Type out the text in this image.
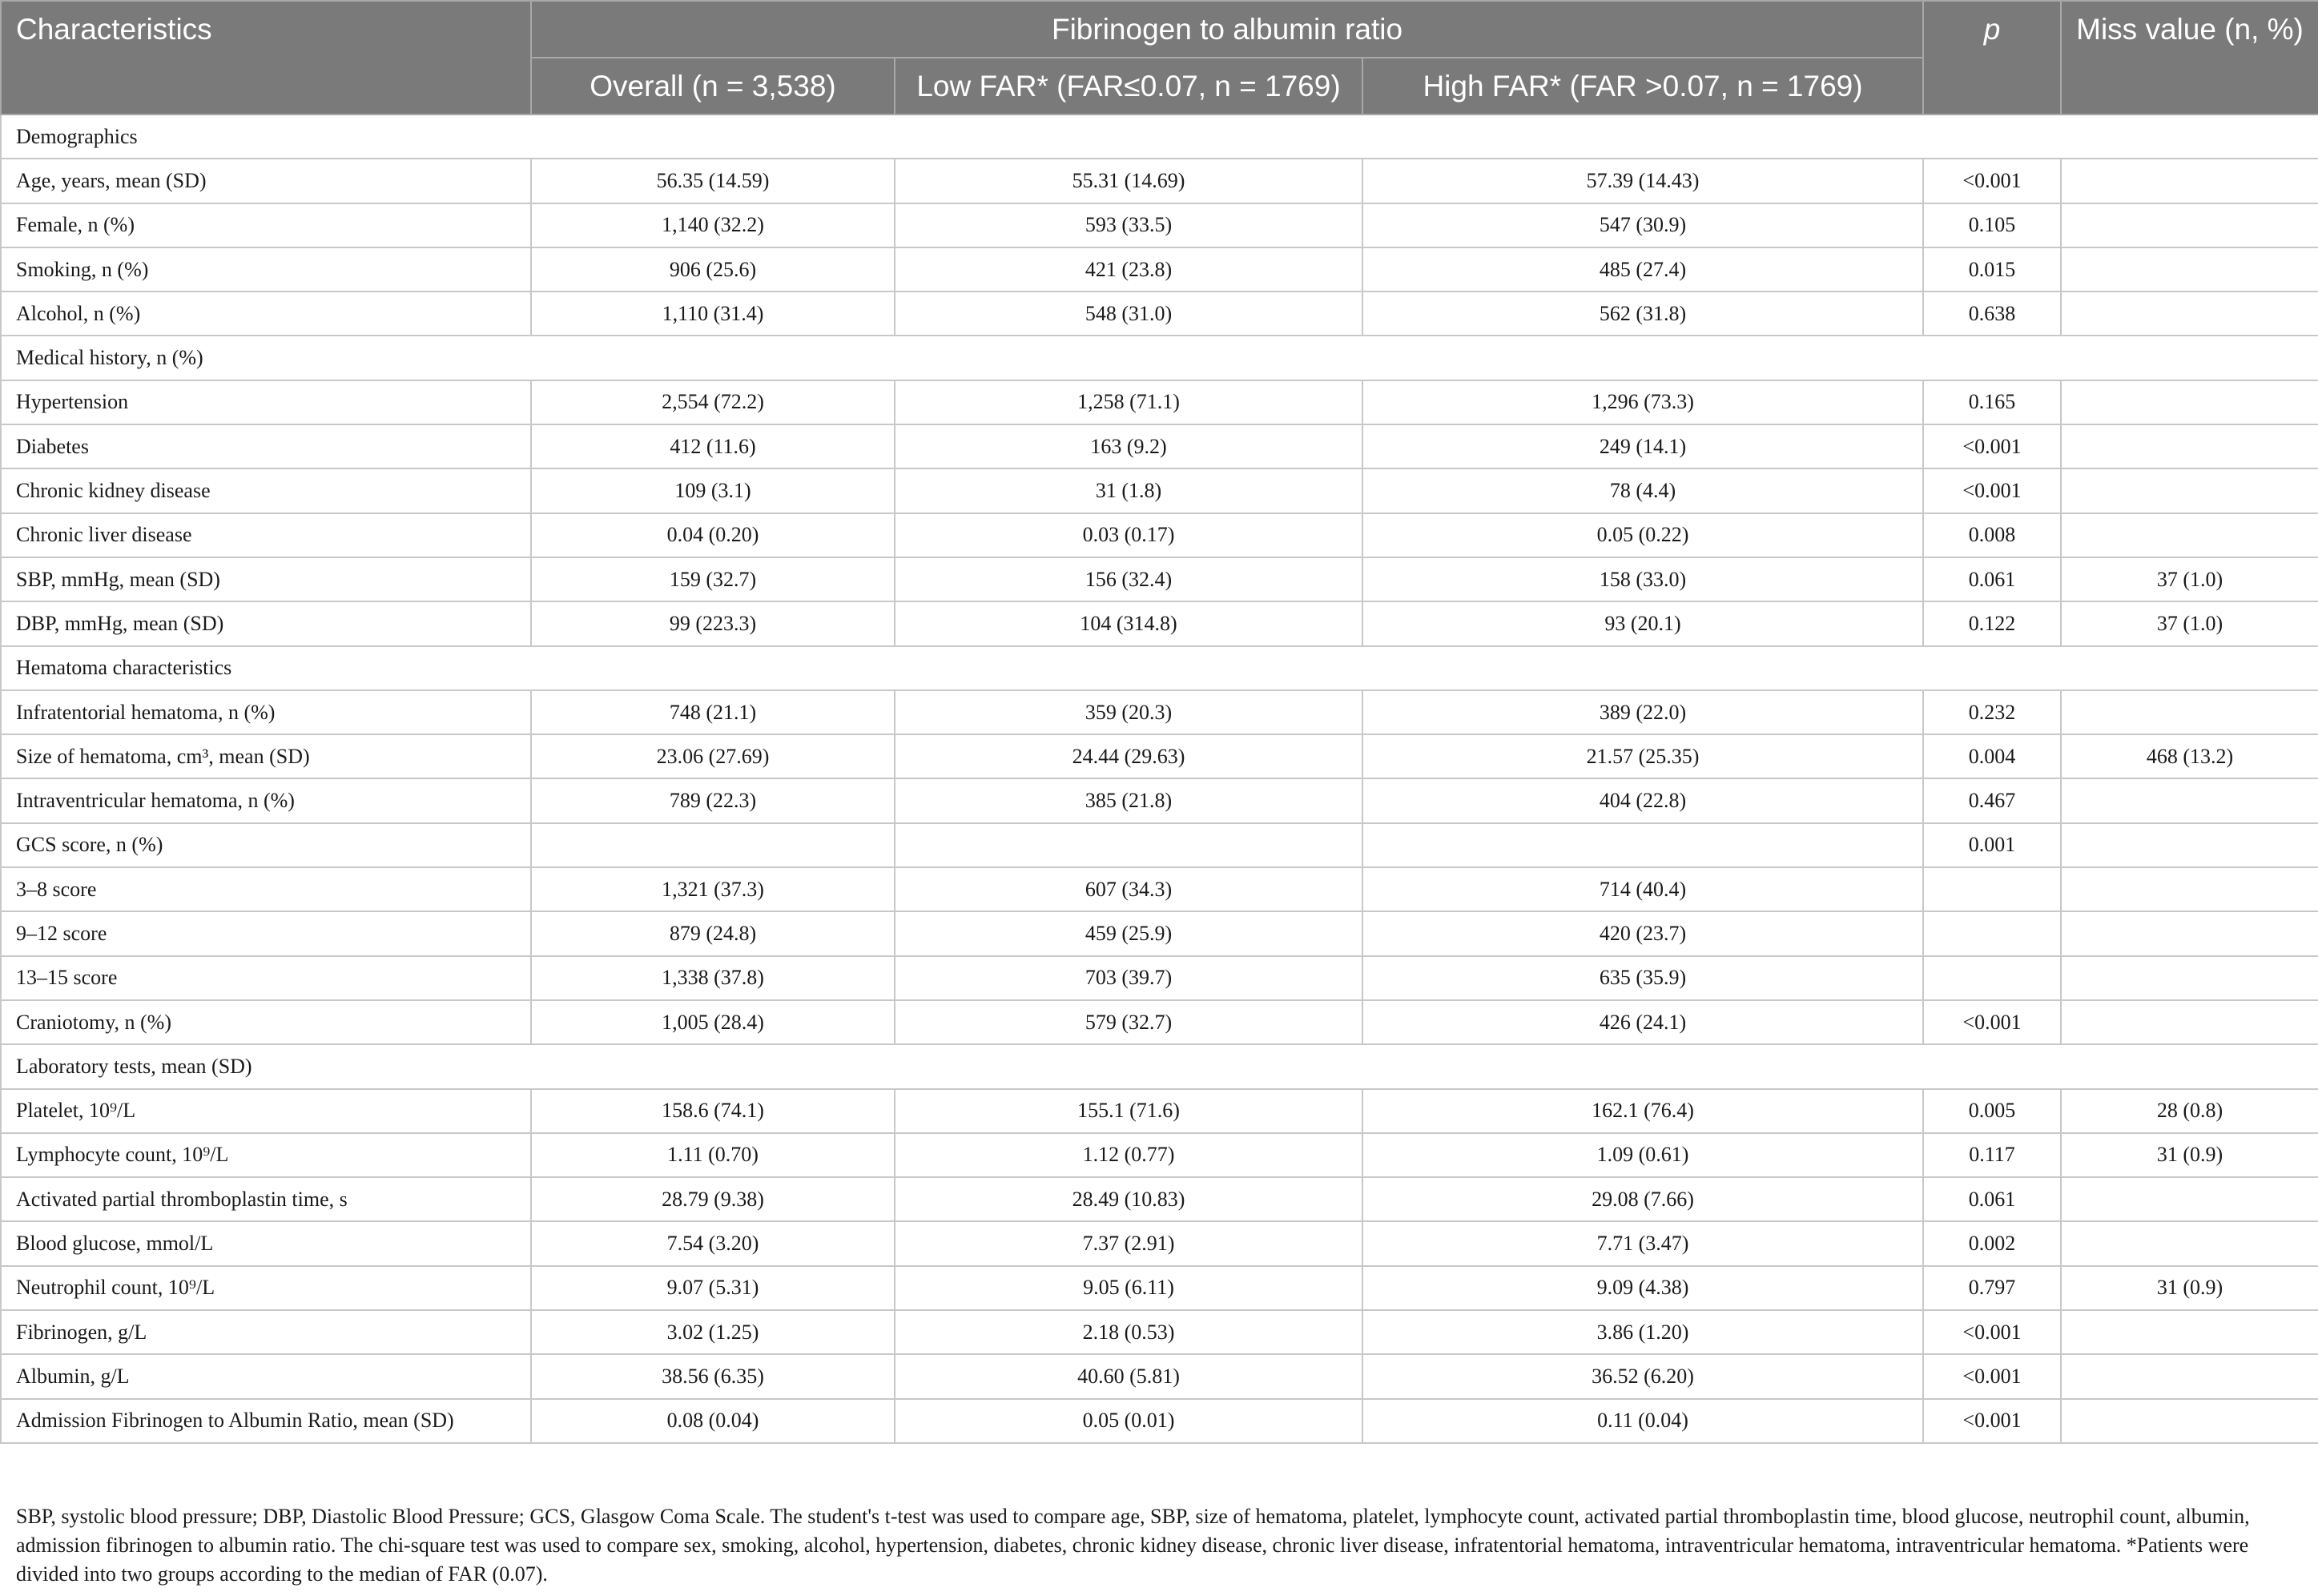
Characteristics	Fibrinogen to albumin ratio			p	Miss value (n, %)
	Overall (n = 3,538)	Low FAR* (FAR≤0.07, n = 1769)	High FAR* (FAR >0.07, n = 1769)		
Demographics					
Age, years, mean (SD)	56.35 (14.59)	55.31 (14.69)	57.39 (14.43)	<0.001	
Female, n (%)	1,140 (32.2)	593 (33.5)	547 (30.9)	0.105	
Smoking, n (%)	906 (25.6)	421 (23.8)	485 (27.4)	0.015	
Alcohol, n (%)	1,110 (31.4)	548 (31.0)	562 (31.8)	0.638	
Medical history, n (%)					
Hypertension	2,554 (72.2)	1,258 (71.1)	1,296 (73.3)	0.165	
Diabetes	412 (11.6)	163 (9.2)	249 (14.1)	<0.001	
Chronic kidney disease	109 (3.1)	31 (1.8)	78 (4.4)	<0.001	
Chronic liver disease	0.04 (0.20)	0.03 (0.17)	0.05 (0.22)	0.008	
SBP, mmHg, mean (SD)	159 (32.7)	156 (32.4)	158 (33.0)	0.061	37 (1.0)
DBP, mmHg, mean (SD)	99 (223.3)	104 (314.8)	93 (20.1)	0.122	37 (1.0)
Hematoma characteristics					
Infratentorial hematoma, n (%)	748 (21.1)	359 (20.3)	389 (22.0)	0.232	
Size of hematoma, cm³, mean (SD)	23.06 (27.69)	24.44 (29.63)	21.57 (25.35)	0.004	468 (13.2)
Intraventricular hematoma, n (%)	789 (22.3)	385 (21.8)	404 (22.8)	0.467	
GCS score, n (%)				0.001	
3–8 score	1,321 (37.3)	607 (34.3)	714 (40.4)		
9–12 score	879 (24.8)	459 (25.9)	420 (23.7)		
13–15 score	1,338 (37.8)	703 (39.7)	635 (35.9)		
Craniotomy, n (%)	1,005 (28.4)	579 (32.7)	426 (24.1)	<0.001	
Laboratory tests, mean (SD)					
Platelet, 10⁹/L	158.6 (74.1)	155.1 (71.6)	162.1 (76.4)	0.005	28 (0.8)
Lymphocyte count, 10⁹/L	1.11 (0.70)	1.12 (0.77)	1.09 (0.61)	0.117	31 (0.9)
Activated partial thromboplastin time, s	28.79 (9.38)	28.49 (10.83)	29.08 (7.66)	0.061	
Blood glucose, mmol/L	7.54 (3.20)	7.37 (2.91)	7.71 (3.47)	0.002	
Neutrophil count, 10⁹/L	9.07 (5.31)	9.05 (6.11)	9.09 (4.38)	0.797	31 (0.9)
Fibrinogen, g/L	3.02 (1.25)	2.18 (0.53)	3.86 (1.20)	<0.001	
Albumin, g/L	38.56 (6.35)	40.60 (5.81)	36.52 (6.20)	<0.001	
Admission Fibrinogen to Albumin Ratio, mean (SD)	0.08 (0.04)	0.05 (0.01)	0.11 (0.04)	<0.001	
SBP, systolic blood pressure; DBP, Diastolic Blood Pressure; GCS, Glasgow Coma Scale. The student's t-test was used to compare age, SBP, size of hematoma, platelet, lymphocyte count, activated partial thromboplastin time, blood glucose, neutrophil count, albumin, admission fibrinogen to albumin ratio. The chi-square test was used to compare sex, smoking, alcohol, hypertension, diabetes, chronic kidney disease, chronic liver disease, infratentorial hematoma, intraventricular hematoma, intraventricular hematoma. *Patients were divided into two groups according to the median of FAR (0.07).
